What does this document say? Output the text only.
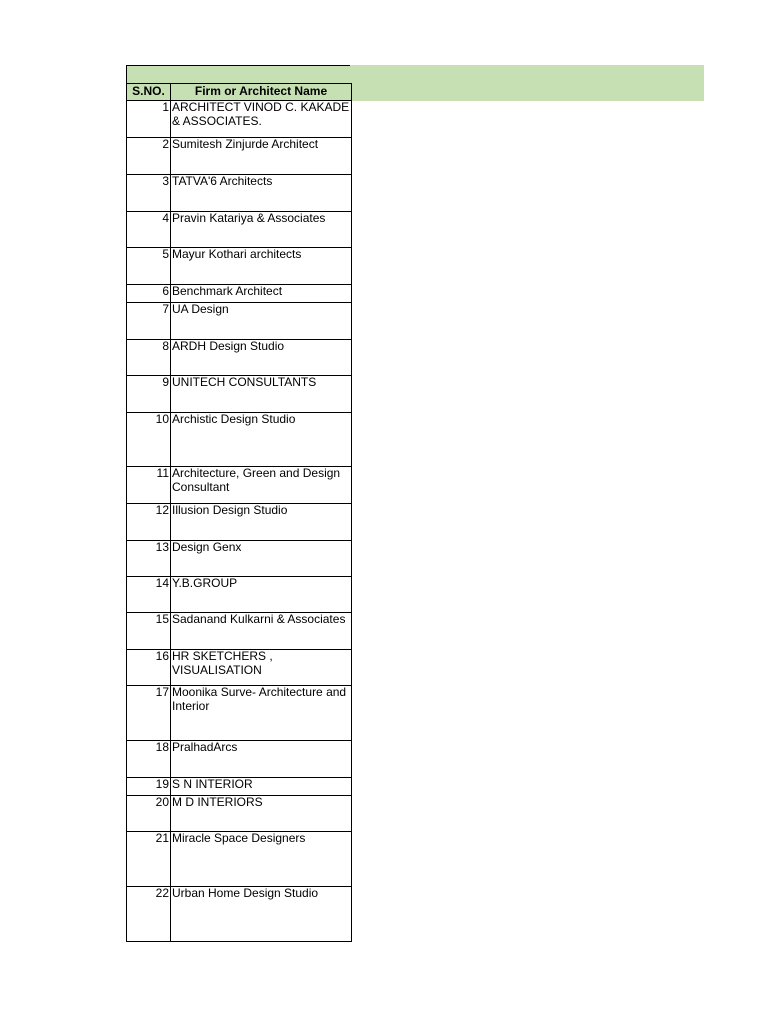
S.NO.	Firm or Architect Name
1	ARCHITECT VINOD C. KAKADE & ASSOCIATES.
2	Sumitesh Zinjurde Architect
3	TATVA'6 Architects
4	Pravin Katariya & Associates
5	Mayur Kothari architects
6	Benchmark Architect
7	UA Design
8	ARDH Design Studio
9	UNITECH CONSULTANTS
10	Archistic Design Studio
11	Architecture, Green and Design Consultant
12	Illusion Design Studio
13	Design Genx
14	Y.B.GROUP
15	Sadanand Kulkarni & Associates
16	HR SKETCHERS , VISUALISATION
17	Moonika Surve- Architecture and Interior
18	PralhadArcs
19	S N INTERIOR
20	M D INTERIORS
21	Miracle Space Designers
22	Urban Home Design Studio
